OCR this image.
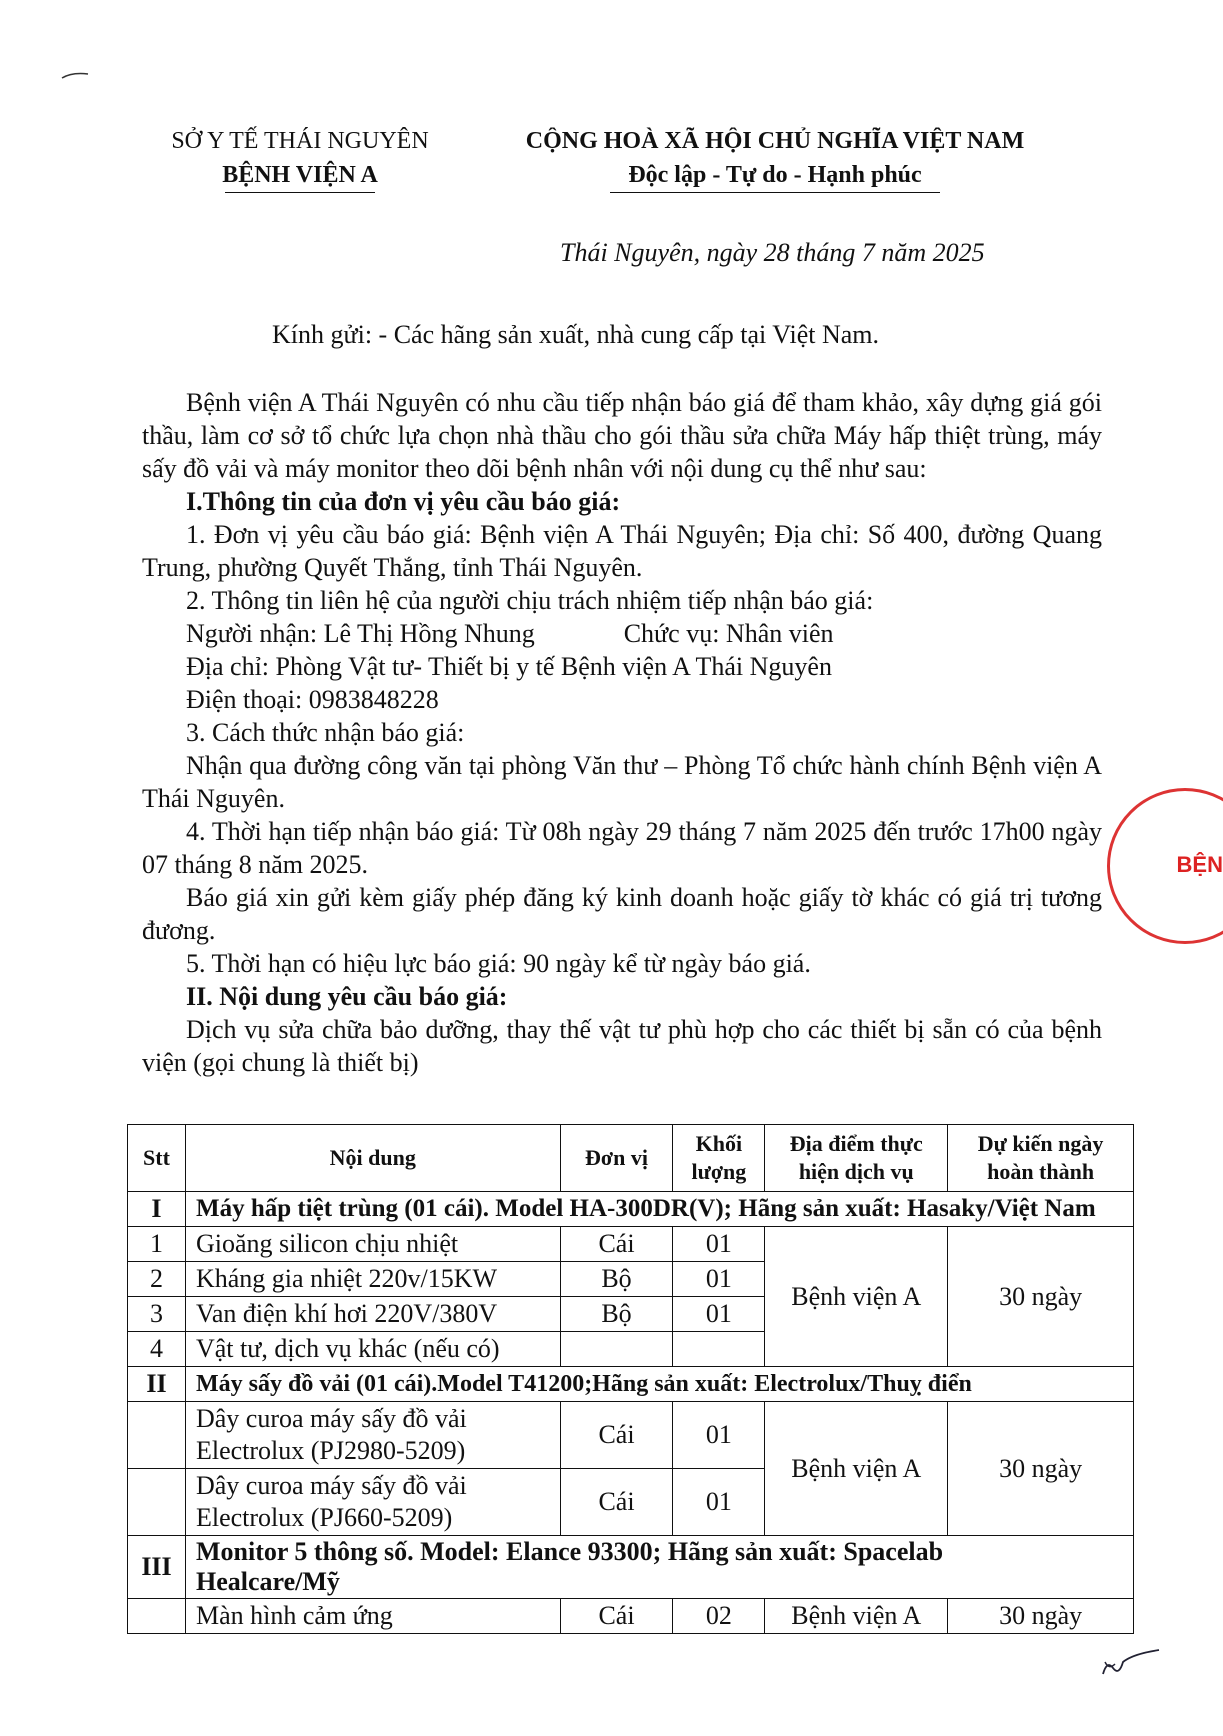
SỞ Y TẾ THÁI NGUYÊN
BỆNH VIỆN A
CỘNG HOÀ XÃ HỘI CHỦ NGHĨA VIỆT NAM
Độc lập - Tự do - Hạnh phúc
Thái Nguyên, ngày 28 tháng 7 năm 2025
Kính gửi: - Các hãng sản xuất, nhà cung cấp tại Việt Nam.

Bệnh viện A Thái Nguyên có nhu cầu tiếp nhận báo giá để tham khảo, xây dựng giá gói thầu, làm cơ sở tổ chức lựa chọn nhà thầu cho gói thầu sửa chữa Máy hấp thiệt trùng, máy sấy đồ vải và máy monitor theo dõi bệnh nhân với nội dung cụ thể như sau:

I.Thông tin của đơn vị yêu cầu báo giá:

1. Đơn vị yêu cầu báo giá: Bệnh viện A Thái Nguyên; Địa chỉ: Số 400, đường Quang Trung, phường Quyết Thắng, tỉnh Thái Nguyên.

2. Thông tin liên hệ của người chịu trách nhiệm tiếp nhận báo giá:

Người nhận: Lê Thị Hồng Nhung	Chức vụ: Nhân viên

Địa chỉ: Phòng Vật tư- Thiết bị y tế Bệnh viện A Thái Nguyên

Điện thoại: 0983848228

3. Cách thức nhận báo giá:

Nhận qua đường công văn tại phòng Văn thư – Phòng Tổ chức hành chính Bệnh viện A Thái Nguyên.

4. Thời hạn tiếp nhận báo giá: Từ 08h ngày 29 tháng 7 năm 2025 đến trước 17h00 ngày 07 tháng 8 năm 2025.

Báo giá xin gửi kèm giấy phép đăng ký kinh doanh hoặc giấy tờ khác có giá trị tương đương.

5. Thời hạn có hiệu lực báo giá: 90 ngày kể từ ngày báo giá.

II. Nội dung yêu cầu báo giá:

Dịch vụ sửa chữa bảo dưỡng, thay thế vật tư phù hợp cho các thiết bị sẵn có của bệnh viện (gọi chung là thiết bị)

Stt	Nội dung	Đơn vị	Khối lượng	Địa điểm thực hiện dịch vụ	Dự kiến ngày hoàn thành
I	Máy hấp tiệt trùng (01 cái). Model HA-300DR(V); Hãng sản xuất: Hasaky/Việt Nam				
1	Gioăng silicon chịu nhiệt	Cái	01	Bệnh viện A	30 ngày
2	Kháng gia nhiệt 220v/15KW	Bộ	01		
3	Van điện khí hơi 220V/380V	Bộ	01		
4	Vật tư, dịch vụ khác (nếu có)				
II	Máy sấy đồ vải (01 cái).Model T41200;Hãng sản xuất: Electrolux/Thuỵ điển				

	Dây curoa máy sấy đồ vải
Electrolux (PJ2980-5209)	Cái	01	Bệnh viện A	30 ngày

	Dây curoa máy sấy đồ vải
Electrolux (PJ660-5209)	Cái	01		
III	Monitor 5 thông số. Model: Elance 93300; Hãng sản xuất: Spacelab
Healcare/Mỹ				

	Màn hình cảm ứng	Cái	02	Bệnh viện A	30 ngày
BỆN
